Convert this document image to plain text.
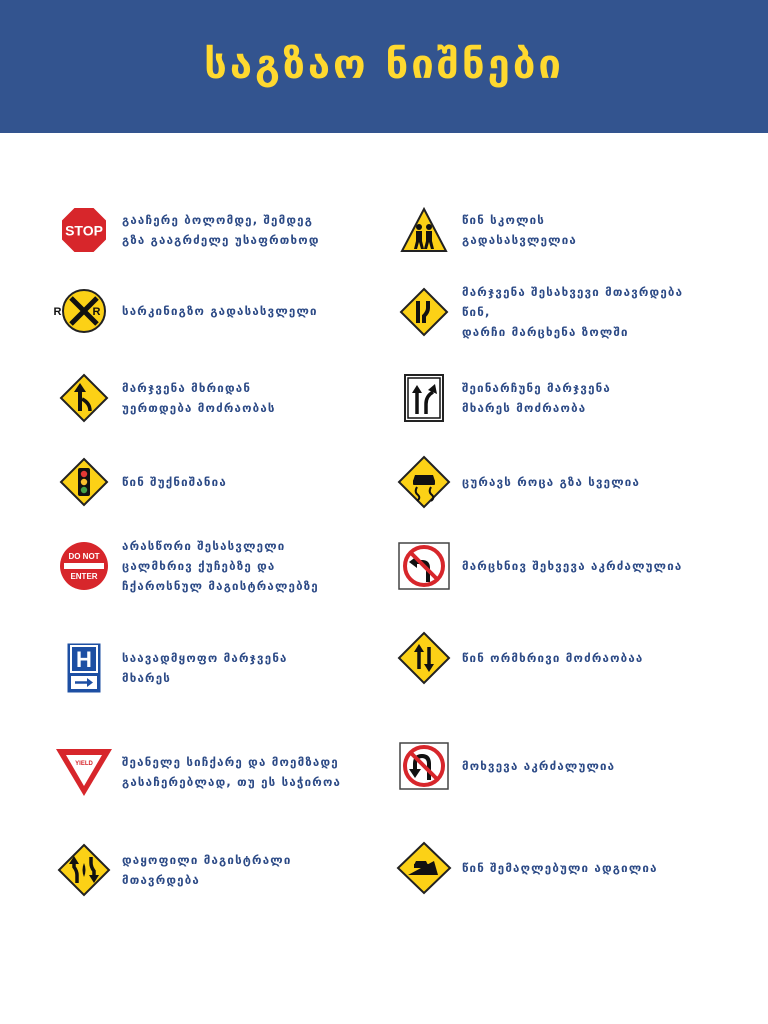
საგზაო ნიშნები
STOP
გააჩერე ბოლომდე, შემდეგ
გზა გააგრძელე უსაფრთხოდ
წინ სკოლის
გადასასვლელია
R R სარკინიგზო გადასასვლელი
მარჯვენა შესახვევი მთავრდება წინ,
დარჩი მარცხენა ზოლში
მარჯვენა მხრიდან
უერთდება მოძრაობას
შეინარჩუნე მარჯვენა
მხარეს მოძრაობა
წინ შუქნიშანია	ცურავს როცა გზა სველია
DO NOT
ENTER
არასწორი შესასვლელი
ცალმხრივ ქუჩებზე და
ჩქაროსნულ მაგისტრალებზე
მარცხნივ შეხვევა აკრძალულია
H	საავადმყოფო მარჯვენა
მხარეს
წინ ორმხრივი მოძრაობაა
YIELD	შეანელე სიჩქარე და მოემზადე
გასაჩერებლად, თუ ეს საჭიროა
მოხვევა აკრძალულია
დაყოფილი მაგისტრალი
მთავრდება
წინ შემაღლებული ადგილია
